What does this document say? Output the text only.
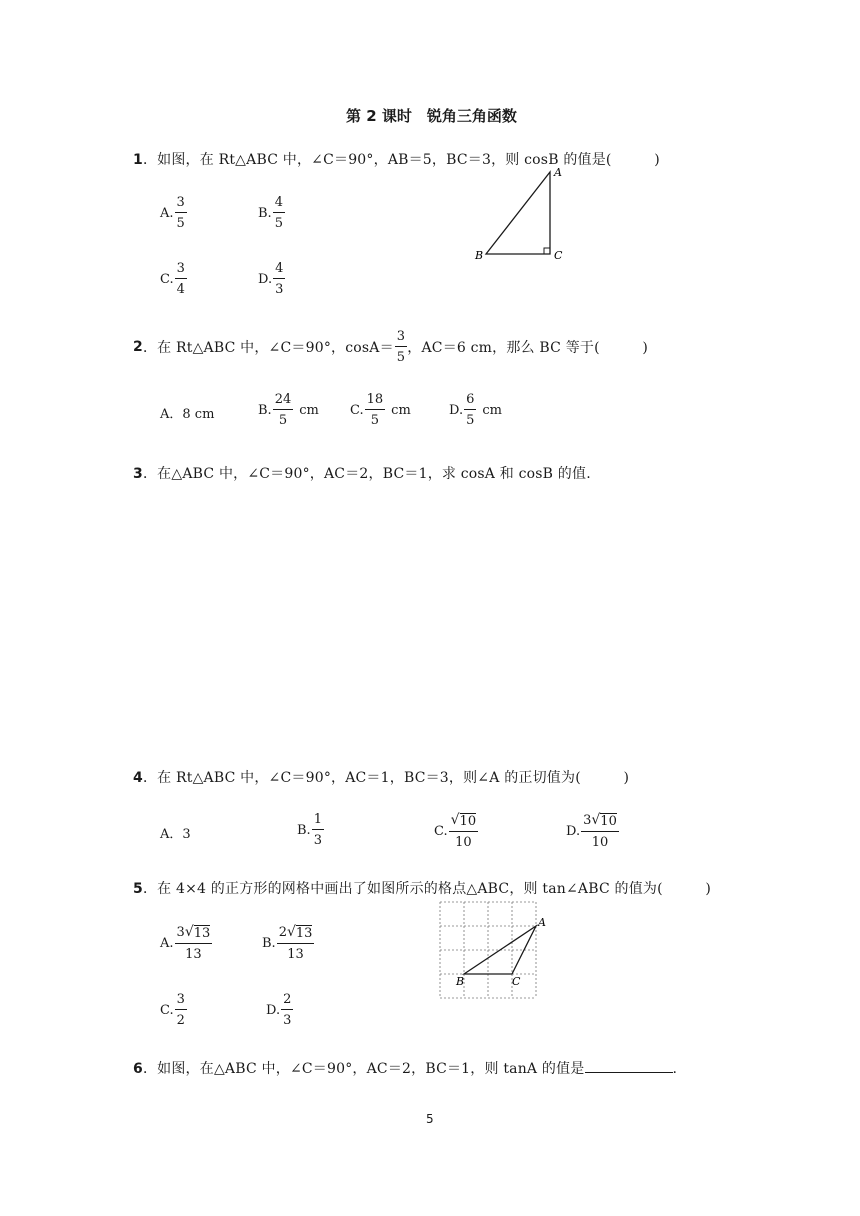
第 2 课时　锐角三角函数
1．如图，在 Rt△ABC 中，∠C＝90°，AB＝5，BC＝3，则 cosB 的值是(　　　)
A. $\frac{3}{5}$	B. $\frac{4}{5}$
C. $\frac{3}{4}$	D. $\frac{4}{3}$
A
B	C
2 ．在 Rt△ABC 中，∠C＝90°，$\cos A= \frac{3}{5}$ ，AC＝6 cm，那么 BC 等于(　　　)
A．8 cm	B. $\frac{24}{5}$ cm C. $\frac{18}{5}$ cm	D. $\frac{6}{5}$ cm
3．在△ABC 中，∠C＝90°，AC＝2，BC＝1，求 cosA 和 cosB 的值.
4．在 Rt△ABC 中，∠C＝90°，AC＝1，BC＝3，则∠A 的正切值为(　　　)
A．3	B. $\frac{1}{3}$	C. $\frac{√ 10}{10}$	D. $\frac{3 √ 10}{10}$
5．在 4×4 的正方形的网格中画出了如图所示的格点△ABC，则 tan∠ABC 的值为(　　　)
A. $\frac{3 √ 13}{13}$	B. $\frac{2 √ 13}{13}$
C. $\frac{3}{2}$	D. $\frac{2}{3}$
A
B	C
6．如图，在△ABC 中，∠C＝90°，AC＝2，BC＝1，则 tanA 的值是	.
5
